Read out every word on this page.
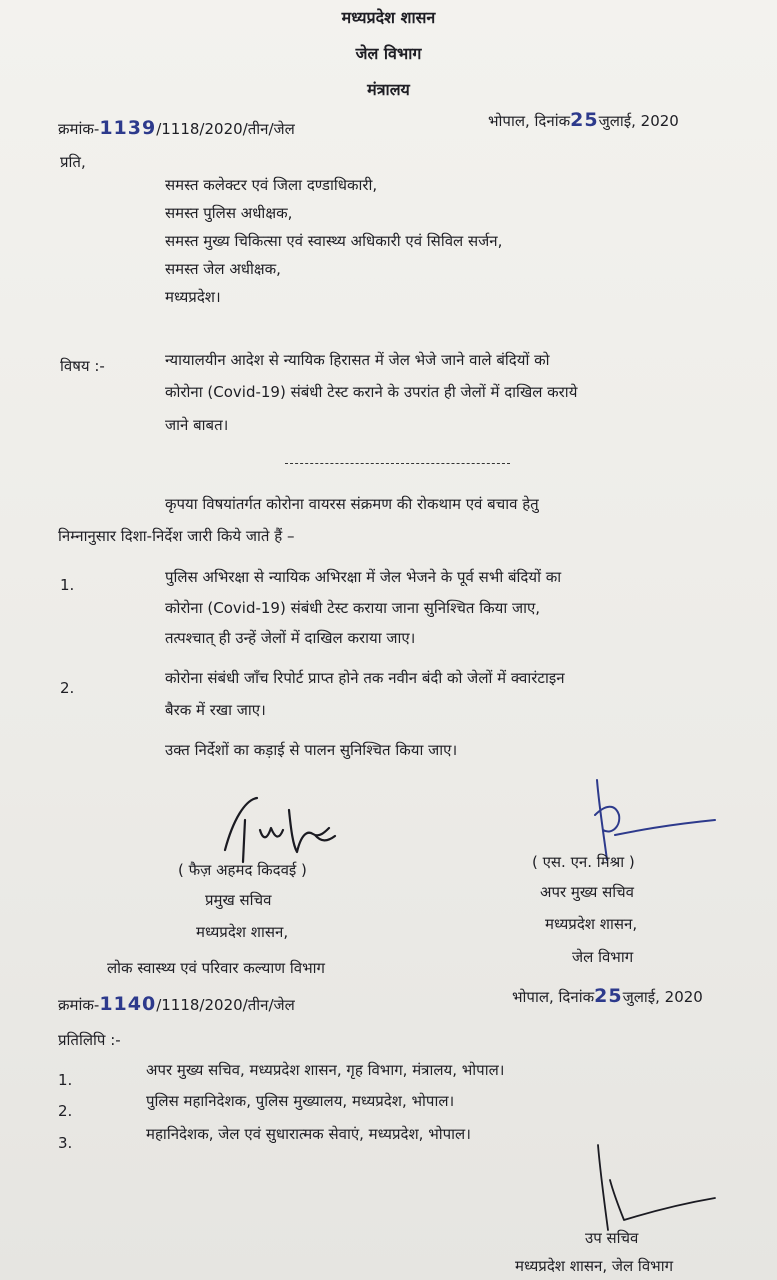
मध्यप्रदेश शासन
जेल विभाग
मंत्रालय
क्रमांक-1139/1118/2020/तीन/जेल	भोपाल, दिनांक25जुलाई, 2020
प्रति,
समस्त कलेक्टर एवं जिला दण्डाधिकारी,
समस्त पुलिस अधीक्षक,
समस्त मुख्य चिकित्सा एवं स्वास्थ्य अधिकारी एवं सिविल सर्जन,
समस्त जेल अधीक्षक,
मध्यप्रदेश।
विषय :-	न्यायालयीन आदेश से न्यायिक हिरासत में जेल भेजे जाने वाले बंदियों को
कोरोना (Covid-19) संबंधी टेस्ट कराने के उपरांत ही जेलों में दाखिल कराये
जाने बाबत।
कृपया विषयांतर्गत कोरोना वायरस संक्रमण की रोकथाम एवं बचाव हेतु
निम्नानुसार दिशा-निर्देश जारी किये जाते हैं –
1.	पुलिस अभिरक्षा से न्यायिक अभिरक्षा में जेल भेजने के पूर्व सभी बंदियों का
कोरोना (Covid-19) संबंधी टेस्ट कराया जाना सुनिश्चित किया जाए,
तत्पश्चात् ही उन्हें जेलों में दाखिल कराया जाए।
2.
कोरोना संबंधी जॉंच रिपोर्ट प्राप्त होने तक नवीन बंदी को जेलों में क्वारंटाइन
बैरक में रखा जाए।
उक्त निर्देशों का कड़ाई से पालन सुनिश्चित किया जाए।
( फैज़ अहमद किदवई )
प्रमुख सचिव
मध्यप्रदेश शासन,
लोक स्वास्थ्य एवं परिवार कल्याण विभाग
( एस. एन. मिश्रा )
अपर मुख्य सचिव
मध्यप्रदेश शासन,
जेल विभाग
क्रमांक-1140/1118/2020/तीन/जेल	भोपाल, दिनांक25जुलाई, 2020
प्रतिलिपि :-
1.
अपर मुख्य सचिव, मध्यप्रदेश शासन, गृह विभाग, मंत्रालय, भोपाल।
2.
पुलिस महानिदेशक, पुलिस मुख्यालय, मध्यप्रदेश, भोपाल।
3.	महानिदेशक, जेल एवं सुधारात्मक सेवाएं, मध्यप्रदेश, भोपाल।
उप सचिव
मध्यप्रदेश शासन, जेल विभाग
